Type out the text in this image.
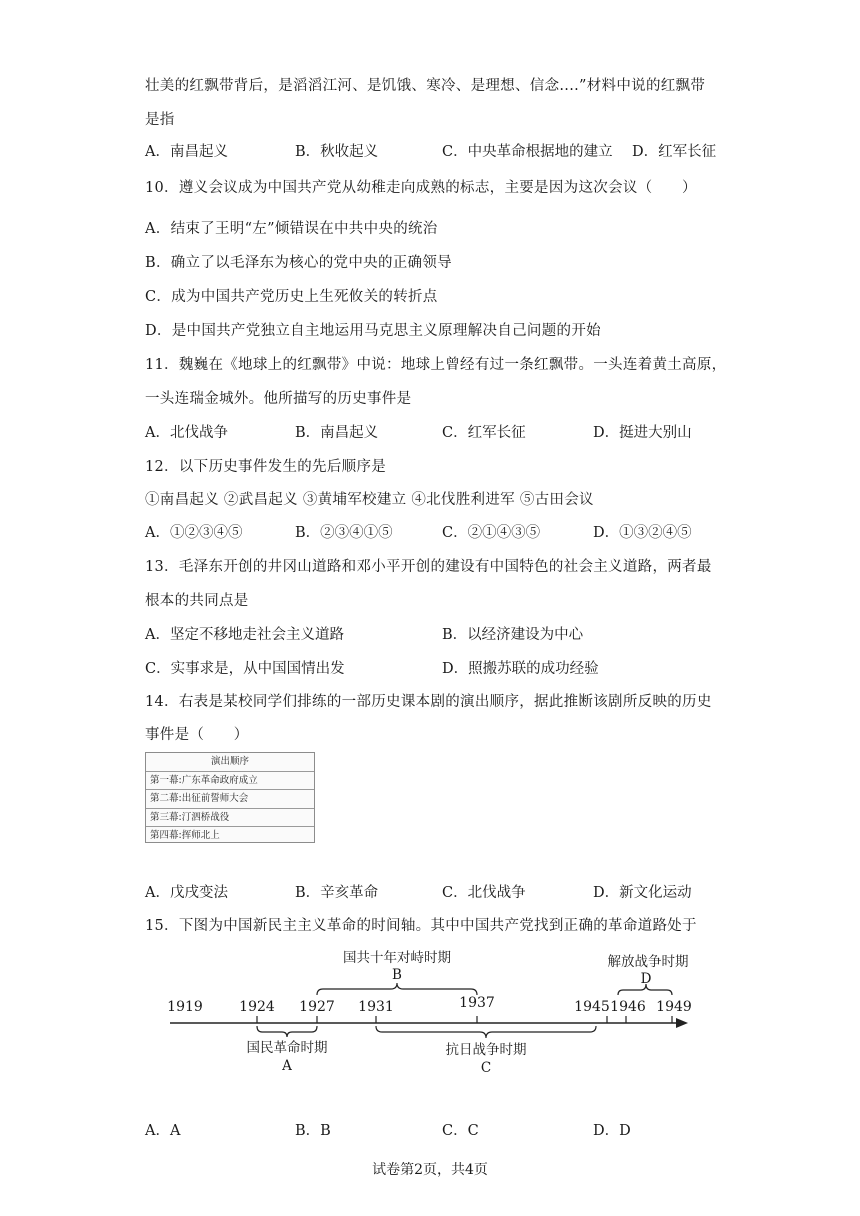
壮美的红飘带背后，是滔滔江河、是饥饿、寒冷、是理想、信念....”材料中说的红飘带
是指
A．南昌起义	B．秋收起义	C．中央革命根据地的建立 D．红军长征
10．遵义会议成为中国共产党从幼稚走向成熟的标志，主要是因为这次会议（　　）
A．结束了王明“左”倾错误在中共中央的统治
B．确立了以毛泽东为核心的党中央的正确领导
C．成为中国共产党历史上生死攸关的转折点
D．是中国共产党独立自主地运用马克思主义原理解决自己问题的开始
11．魏巍在《地球上的红飘带》中说：地球上曾经有过一条红飘带。一头连着黄土高原，
一头连瑞金城外。他所描写的历史事件是
A．北伐战争	B．南昌起义	C．红军长征	D．挺进大别山
12．以下历史事件发生的先后顺序是
①南昌起义 ②武昌起义 ③黄埔军校建立 ④北伐胜利进军 ⑤古田会议
A．①②③④⑤	B．②③④①⑤	C．②①④③⑤	D．①③②④⑤
13．毛泽东开创的井冈山道路和邓小平开创的建设有中国特色的社会主义道路，两者最
根本的共同点是
A．坚定不移地走社会主义道路	B．以经济建设为中心
C．实事求是，从中国国情出发	D．照搬苏联的成功经验
14．右表是某校同学们排练的一部历史课本剧的演出顺序，据此推断该剧所反映的历史
事件是（　　）
演出顺序
第一幕:广东革命政府成立
第二幕:出征前誓师大会
第三幕:汀泗桥战役
第四幕:挥师北上
A．戊戌变法	B．辛亥革命	C．北伐战争	D．新文化运动
15．下图为中国新民主主义革命的时间轴。其中中国共产党找到正确的革命道路处于
1919	1924 1927 1931	1937	1945 1946 1949
国共十年对峙时期
B
解放战争时期
D
国民革命时期
A
抗日战争时期
C
A．A	B．B	C．C	D．D
试卷第2页，共4页
